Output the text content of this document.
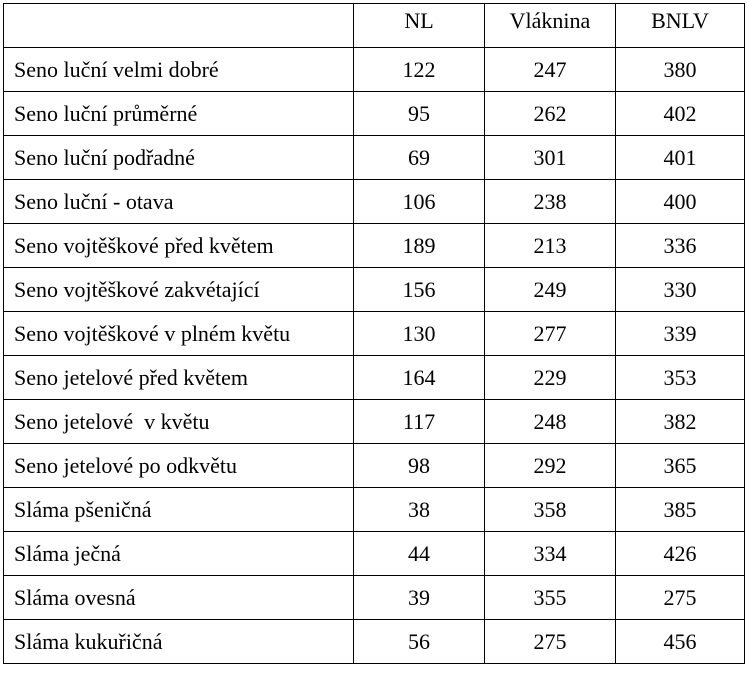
	NL	Vláknina	BNLV
Seno luční velmi dobré	122	247	380
Seno luční průměrné	95	262	402
Seno luční podřadné	69	301	401
Seno luční - otava	106	238	400
Seno vojtěškové před květem	189	213	336
Seno vojtěškové zakvétající	156	249	330
Seno vojtěškové v plném květu	130	277	339
Seno jetelové před květem	164	229	353
Seno jetelové  v květu	117	248	382
Seno jetelové po odkvětu	98	292	365
Sláma pšeničná	38	358	385
Sláma ječná	44	334	426
Sláma ovesná	39	355	275
Sláma kukuřičná	56	275	456
